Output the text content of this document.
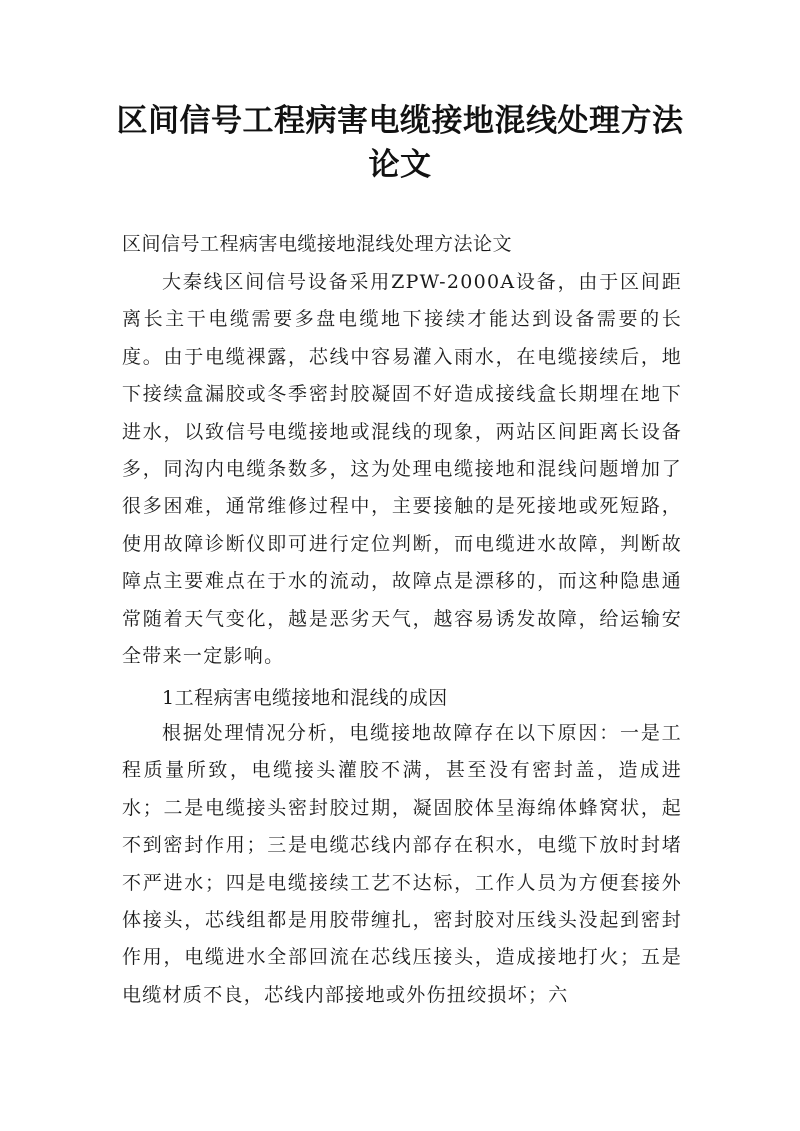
区间信号工程病害电缆接地混线处理方法
论文
区间信号工程病害电缆接地混线处理方法论文

大秦线区间信号设备采用ZPW-2000A设备，由于区间距离长主干电缆需要多盘电缆地下接续才能达到设备需要的长度。由于电缆裸露，芯线中容易灌入雨水，在电缆接续后，地下接续盒漏胶或冬季密封胶凝固不好造成接线盒长期埋在地下进水，以致信号电缆接地或混线的现象，两站区间距离长设备多，同沟内电缆条数多，这为处理电缆接地和混线问题增加了很多困难，通常维修过程中，主要接触的是死接地或死短路，使用故障诊断仪即可进行定位判断，而电缆进水故障，判断故障点主要难点在于水的流动，故障点是漂移的，而这种隐患通常随着天气变化，越是恶劣天气，越容易诱发故障，给运输安全带来一定影响。

1工程病害电缆接地和混线的成因

根据处理情况分析，电缆接地故障存在以下原因：一是工程质量所致，电缆接头灌胶不满，甚至没有密封盖，造成进水；二是电缆接头密封胶过期，凝固胶体呈海绵体蜂窝状，起不到密封作用；三是电缆芯线内部存在积水，电缆下放时封堵不严进水；四是电缆接续工艺不达标，工作人员为方便套接外体接头，芯线组都是用胶带缠扎，密封胶对压线头没起到密封作用，电缆进水全部回流在芯线压接头，造成接地打火；五是电缆材质不良，芯线内部接地或外伤扭绞损坏；六
